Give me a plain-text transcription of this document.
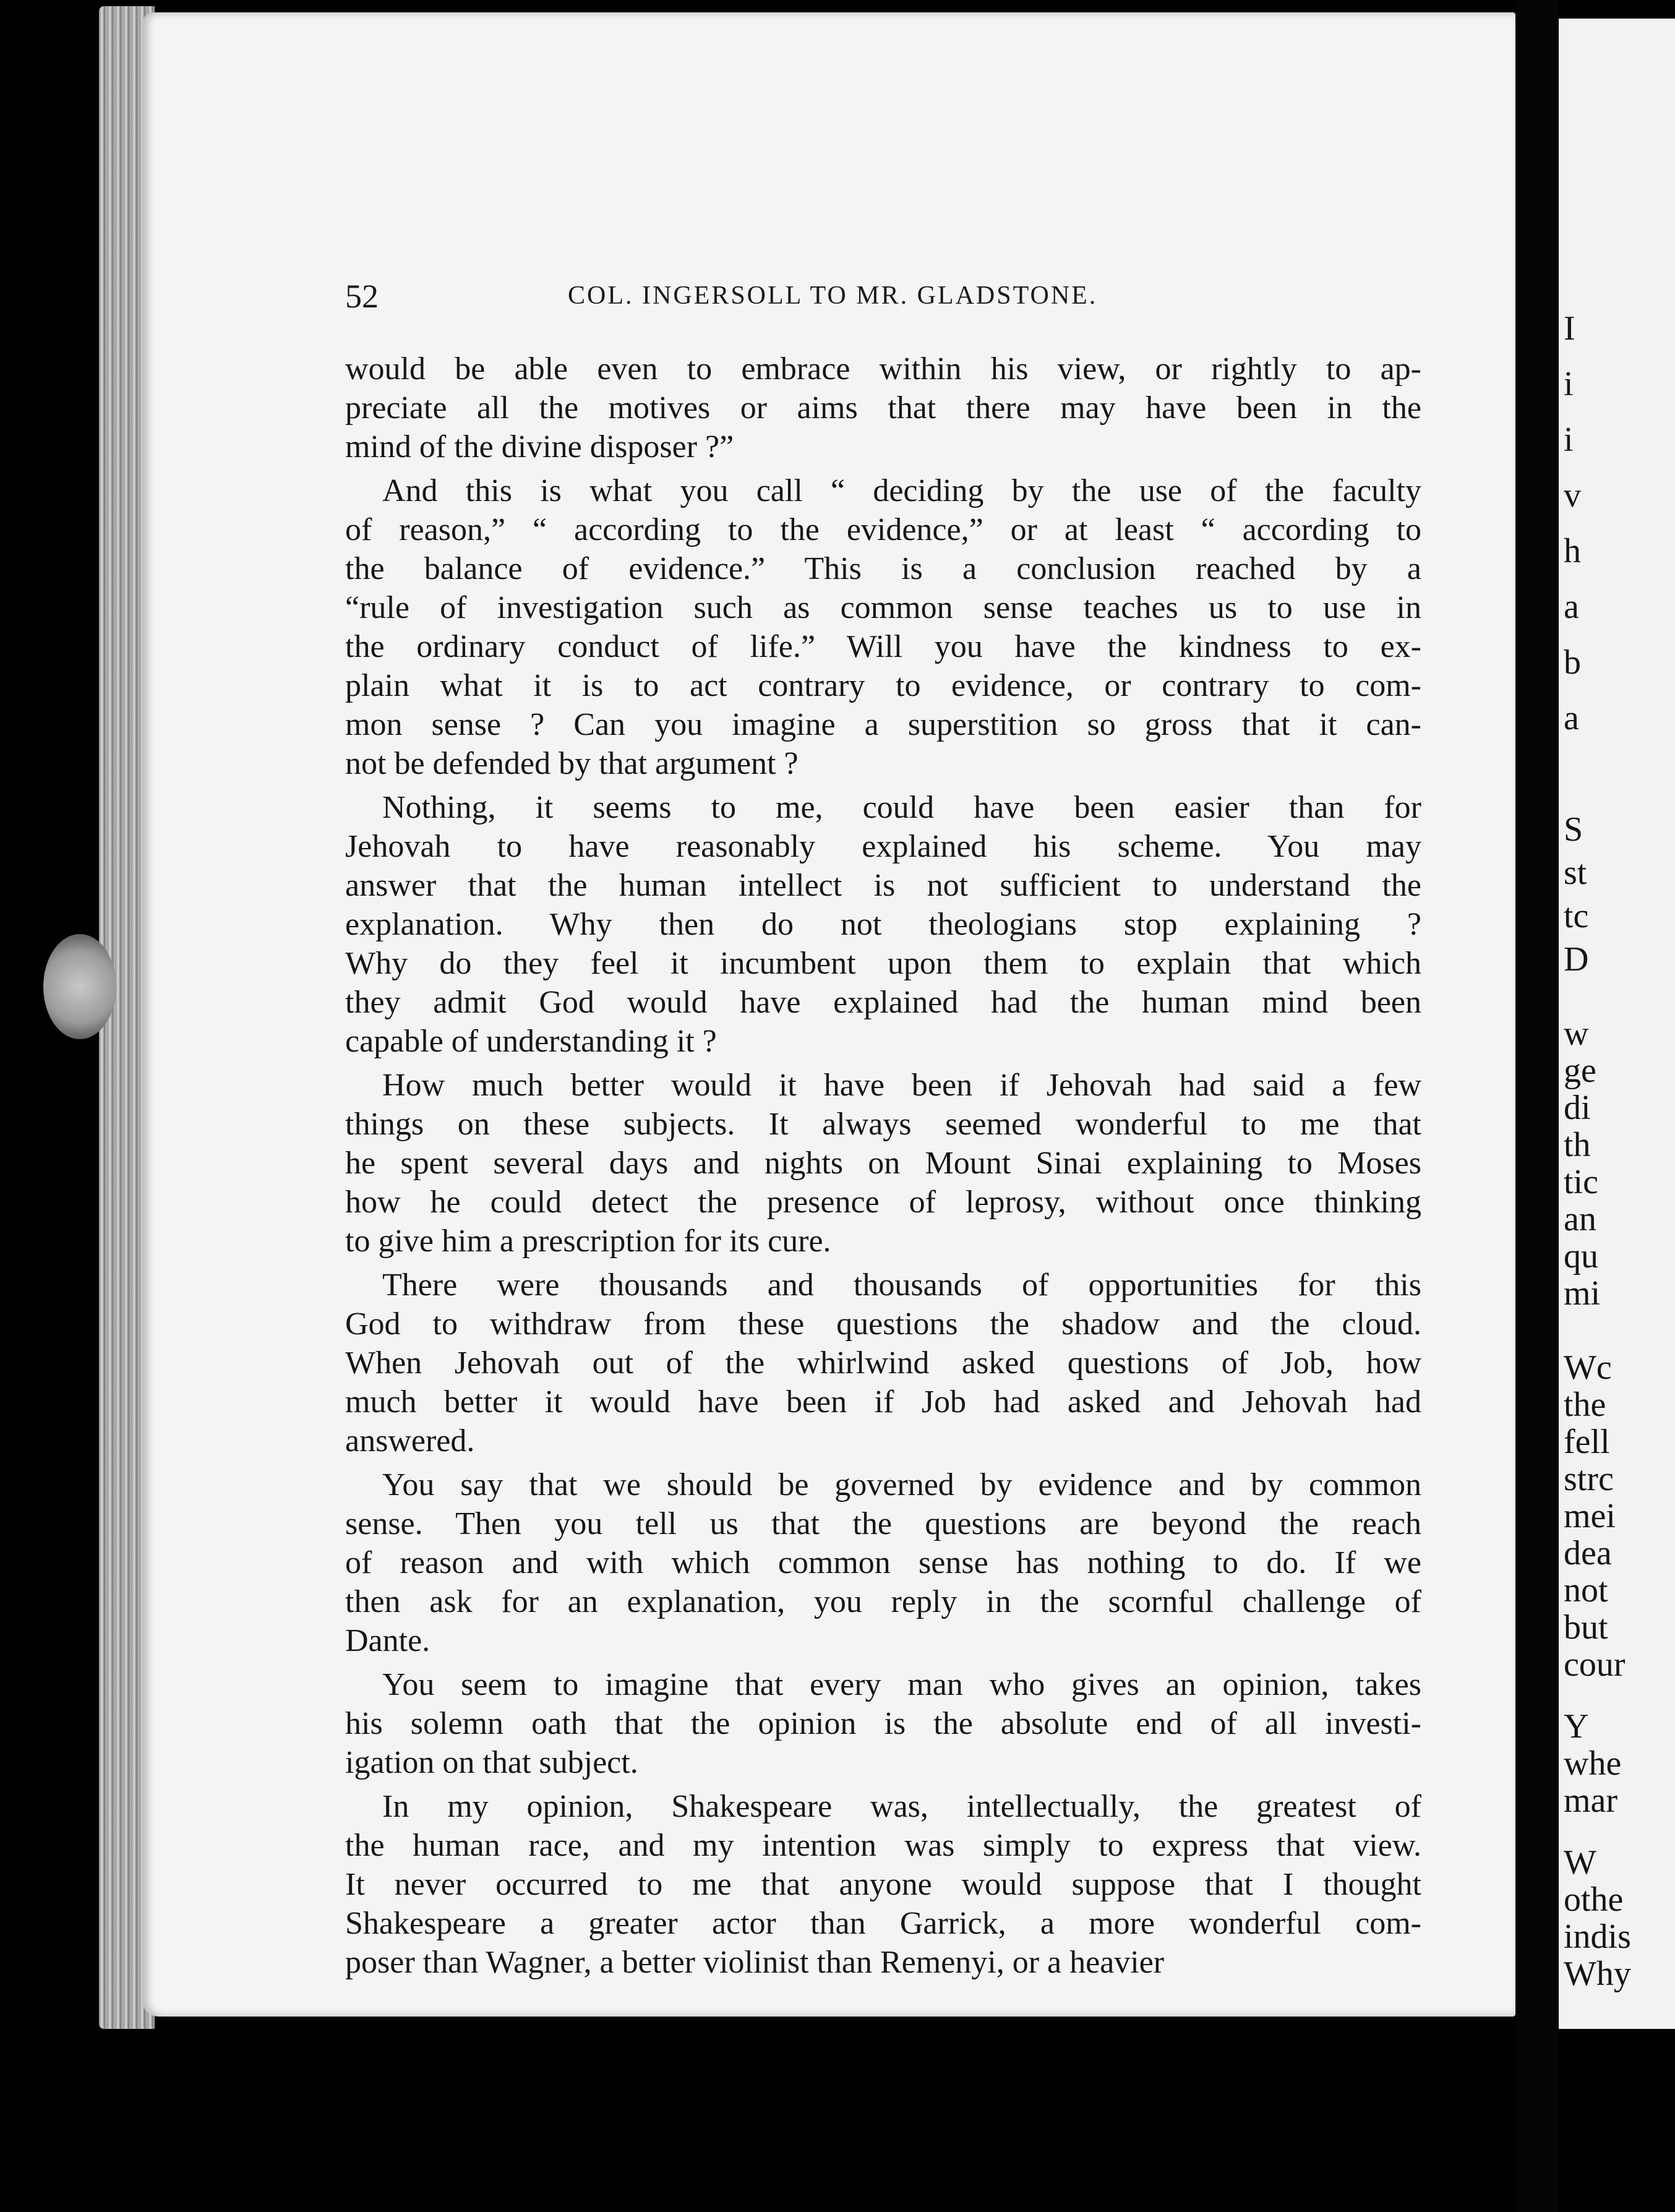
52	COL. INGERSOLL TO MR. GLADSTONE.
would be able even to embrace within his view, or rightly to ap-
preciate all the motives or aims that there may have been in the
mind of the divine disposer ?”
And this is what you call “ deciding by the use of the faculty
of reason,” “ according to the evidence,” or at least “ according to
the balance of evidence.” This is a conclusion reached by a
“rule of investigation such as common sense teaches us to use in
the ordinary conduct of life.” Will you have the kindness to ex-
plain what it is to act contrary to evidence, or contrary to com-
mon sense ? Can you imagine a superstition so gross that it can-
not be defended by that argument ?
Nothing, it seems to me, could have been easier than for
Jehovah to have reasonably explained his scheme. You may
answer that the human intellect is not sufficient to understand the
explanation. Why then do not theologians stop explaining ?
Why do they feel it incumbent upon them to explain that which
they admit God would have explained had the human mind been
capable of understanding it ?
How much better would it have been if Jehovah had said a few
things on these subjects. It always seemed wonderful to me that
he spent several days and nights on Mount Sinai explaining to Moses
how he could detect the presence of leprosy, without once thinking
to give him a prescription for its cure.
There were thousands and thousands of opportunities for this
God to withdraw from these questions the shadow and the cloud.
When Jehovah out of the whirlwind asked questions of Job, how
much better it would have been if Job had asked and Jehovah had
answered.
You say that we should be governed by evidence and by common
sense. Then you tell us that the questions are beyond the reach
of reason and with which common sense has nothing to do. If we
then ask for an explanation, you reply in the scornful challenge of
Dante.
You seem to imagine that every man who gives an opinion, takes
his solemn oath that the opinion is the absolute end of all investi-
igation on that subject.
In my opinion, Shakespeare was, intellectually, the greatest of
the human race, and my intention was simply to express that view.
It never occurred to me that anyone would suppose that I thought
Shakespeare a greater actor than Garrick, a more wonderful com-
poser than Wagner, a better violinist than Remenyi, or a heavier
I
i
i
v
h
a
b
a
S
st
tc
D
w
ge
di
th
tic
an
qu
mi
Wc
the
fell
strc
mei
dea
not
but
cour
Y
whe
mar
W
othe
indis
Why
